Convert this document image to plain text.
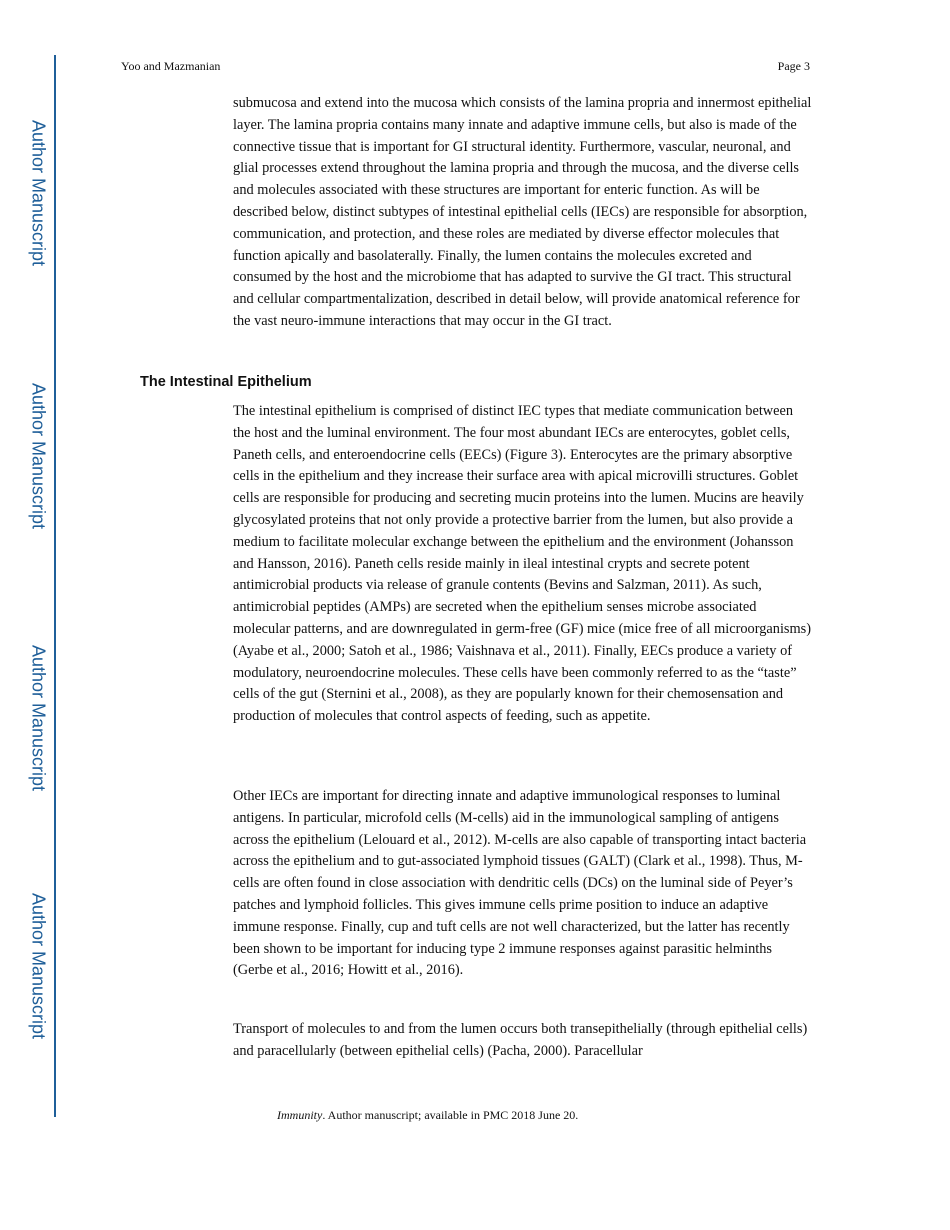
Author Manuscript
Author Manuscript
Author Manuscript
Author Manuscript
Yoo and Mazmanian	Page 3

submucosa and extend into the mucosa which consists of the lamina propria and innermost epithelial layer. The lamina propria contains many innate and adaptive immune cells, but also is made of the connective tissue that is important for GI structural identity. Furthermore, vascular, neuronal, and glial processes extend throughout the lamina propria and through the mucosa, and the diverse cells and molecules associated with these structures are important for enteric function. As will be described below, distinct subtypes of intestinal epithelial cells (IECs) are responsible for absorption, communication, and protection, and these roles are mediated by diverse effector molecules that function apically and basolaterally. Finally, the lumen contains the molecules excreted and consumed by the host and the microbiome that has adapted to survive the GI tract. This structural and cellular compartmentalization, described in detail below, will provide anatomical reference for the vast neuro-immune interactions that may occur in the GI tract.

The Intestinal Epithelium

The intestinal epithelium is comprised of distinct IEC types that mediate communication between the host and the luminal environment. The four most abundant IECs are enterocytes, goblet cells, Paneth cells, and enteroendocrine cells (EECs) (Figure 3). Enterocytes are the primary absorptive cells in the epithelium and they increase their surface area with apical microvilli structures. Goblet cells are responsible for producing and secreting mucin proteins into the lumen. Mucins are heavily glycosylated proteins that not only provide a protective barrier from the lumen, but also provide a medium to facilitate molecular exchange between the epithelium and the environment (Johansson and Hansson, 2016). Paneth cells reside mainly in ileal intestinal crypts and secrete potent antimicrobial products via release of granule contents (Bevins and Salzman, 2011). As such, antimicrobial peptides (AMPs) are secreted when the epithelium senses microbe associated molecular patterns, and are downregulated in germ-free (GF) mice (mice free of all microorganisms) (Ayabe et al., 2000; Satoh et al., 1986; Vaishnava et al., 2011). Finally, EECs produce a variety of modulatory, neuroendocrine molecules. These cells have been commonly referred to as the “taste” cells of the gut (Sternini et al., 2008), as they are popularly known for their chemosensation and production of molecules that control aspects of feeding, such as appetite.

Other IECs are important for directing innate and adaptive immunological responses to luminal antigens. In particular, microfold cells (M-cells) aid in the immunological sampling of antigens across the epithelium (Lelouard et al., 2012). M-cells are also capable of transporting intact bacteria across the epithelium and to gut-associated lymphoid tissues (GALT) (Clark et al., 1998). Thus, M-cells are often found in close association with dendritic cells (DCs) on the luminal side of Peyer’s patches and lymphoid follicles. This gives immune cells prime position to induce an adaptive immune response. Finally, cup and tuft cells are not well characterized, but the latter has recently been shown to be important for inducing type 2 immune responses against parasitic helminths (Gerbe et al., 2016; Howitt et al., 2016).

Transport of molecules to and from the lumen occurs both transepithelially (through epithelial cells) and paracellularly (between epithelial cells) (Pacha, 2000). Paracellular

Immunity. Author manuscript; available in PMC 2018 June 20.
